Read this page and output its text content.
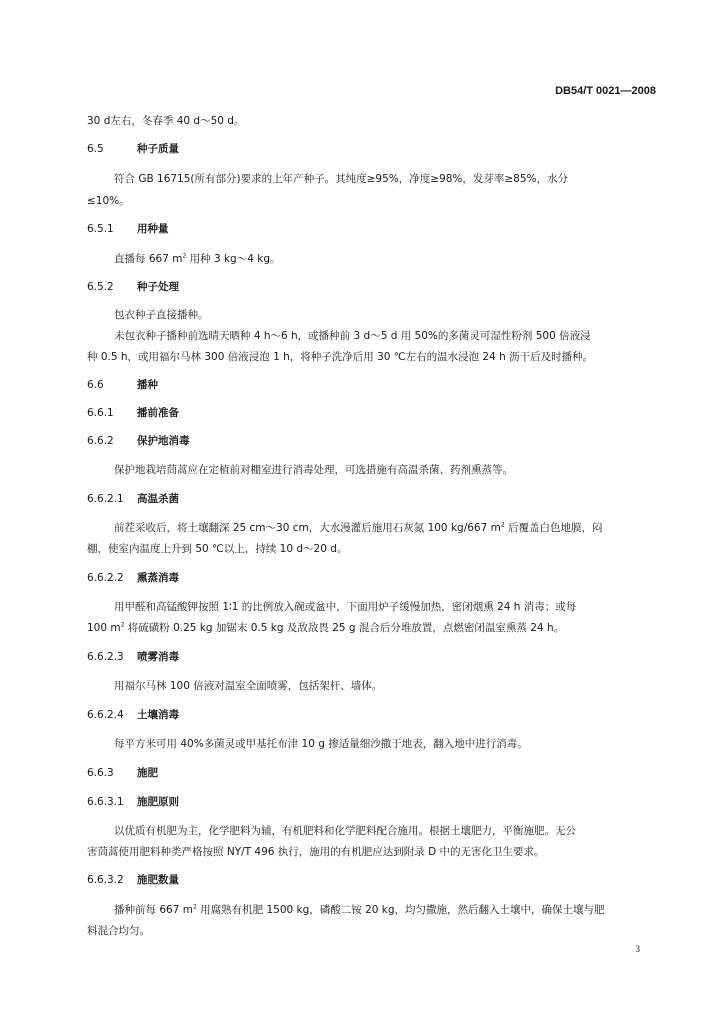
DB54/T 0021—2008
30 d左右，冬春季 40 d～50 d。
6.5	种子质量
符合 GB 16715(所有部分)要求的上年产种子。其纯度≥95%，净度≥98%，发芽率≥85%，水分
≤10%。
6.5.1 用种量
直播每 667 $m^2$ 用种 3 kg～4 kg。
6.5.2 种子处理
包衣种子直接播种。
未包衣种子播种前选晴天晒种 4 h～6 h，或播种前 3 d～5 d 用 50%的多菌灵可湿性粉剂 500 倍液浸
种 0.5 h，或用福尔马林 300 倍液浸泡 1 h，将种子洗净后用 30 ℃左右的温水浸泡 24 h 沥干后及时播种。
6.6	播种
6.6.1 播前准备
6.6.2 保护地消毒
保护地栽培茼蒿应在定植前对棚室进行消毒处理，可选措施有高温杀菌、药剂熏蒸等。
6.6.2.1 高温杀菌
前茬采收后，将土壤翻深 25 cm～30 cm，大水漫灌后施用石灰氮 100 kg/667 $m^2$ 后覆盖白色地膜，闷
棚，使室内温度上升到 50 ℃以上，持续 10 d～20 d。
6.6.2.2 熏蒸消毒
用甲醛和高锰酸钾按照 1∶1 的比例放入碗或盆中，下面用炉子缓慢加热，密闭烟熏 24 h 消毒；或每
100 $m^2$ 将硫磺粉 0.25 kg 加锯末 0.5 kg 及敌敌畏 25 g 混合后分堆放置，点燃密闭温室熏蒸 24 h。
6.6.2.3 喷雾消毒
用福尔马林 100 倍液对温室全面喷雾，包括架杆、墙体。
6.6.2.4 土壤消毒
每平方米可用 40%多菌灵或甲基托布津 10 g 掺适量细沙撒于地表，翻入地中进行消毒。
6.6.3 施肥
6.6.3.1 施肥原则
以优质有机肥为主，化学肥料为辅，有机肥料和化学肥料配合施用。根据土壤肥力，平衡施肥。无公
害茼蒿使用肥料种类严格按照 NY/T 496 执行，施用的有机肥应达到附录 D 中的无害化卫生要求。
6.6.3.2 施肥数量
播种前每 667 $m^2$ 用腐熟有机肥 1500 kg，磷酸二铵 20 kg，均匀撒施，然后翻入土壤中，确保土壤与肥
料混合均匀。
3
